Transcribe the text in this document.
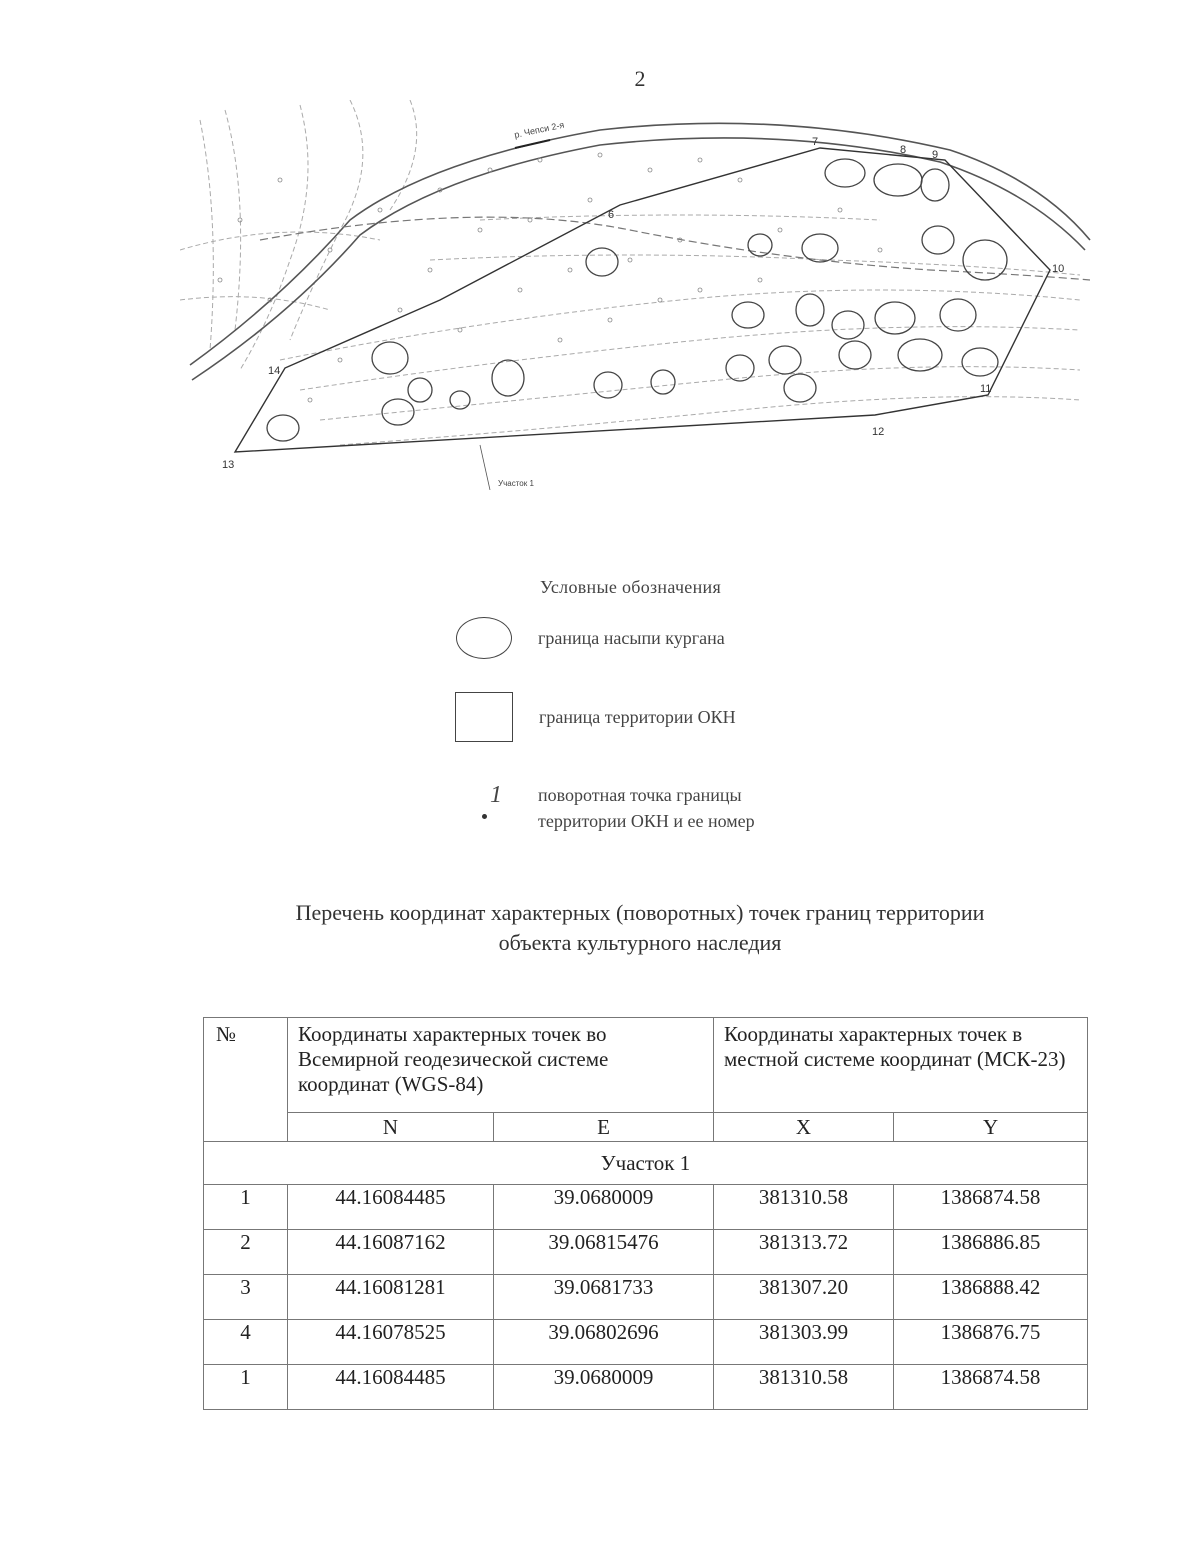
2
р. Чепси 2-я
7
8 9
10
11
12
13
14
6
Участок 1
Условные обозначения
граница насыпи кургана
граница территории ОКН
1 поворотная точка границы
территории ОКН и ее номер
Перечень координат характерных (поворотных) точек границ территории
объекта культурного наследия
№	Координаты характерных точек во Всемирной геодезической системе координат (WGS-84)		Координаты характерных точек в местной системе координат (МСК-23)	
	N	E	X	Y
Участок 1				
1	44.16084485	39.0680009	381310.58	1386874.58
2	44.16087162	39.06815476	381313.72	1386886.85
3	44.16081281	39.0681733	381307.20	1386888.42
4	44.16078525	39.06802696	381303.99	1386876.75
1	44.16084485	39.0680009	381310.58	1386874.58
